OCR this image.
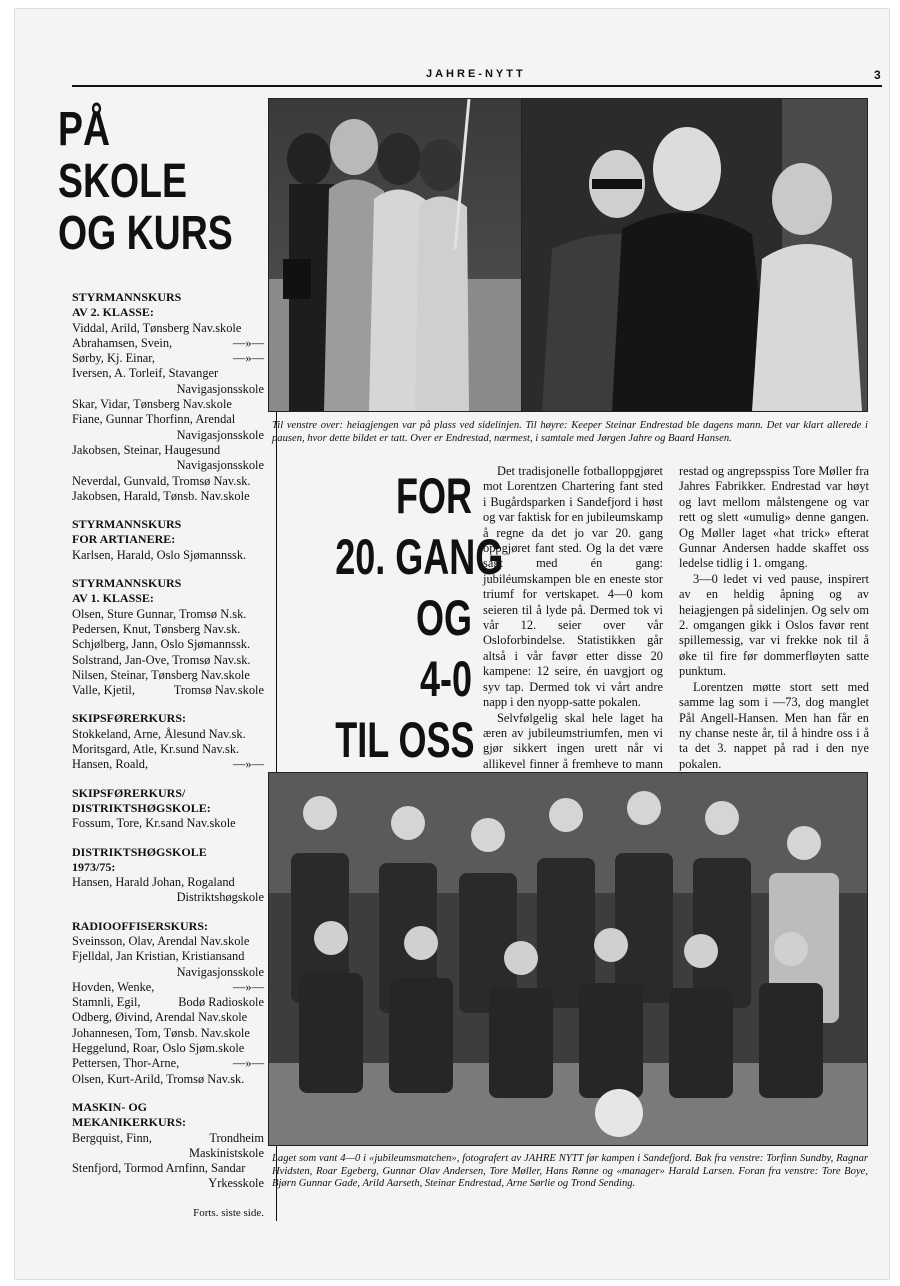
JAHRE-NYTT	3
PÅ
SKOLE
OG KURS
STYRMANNSKURS
AV 2. KLASSE:
Viddal, Arild, Tønsberg Nav.skole
Abrahamsen, Svein,	—»—
Sørby, Kj. Einar,	—»—
Iversen, A. Torleif, Stavanger
Navigasjonsskole
Skar, Vidar, Tønsberg Nav.skole
Fiane, Gunnar Thorfinn, Arendal
Navigasjonsskole
Jakobsen, Steinar, Haugesund
Navigasjonsskole
Neverdal, Gunvald, Tromsø Nav.sk.
Jakobsen, Harald, Tønsb. Nav.skole
STYRMANNSKURS
FOR ARTIANERE:
Karlsen, Harald, Oslo Sjømannssk.
STYRMANNSKURS
AV 1. KLASSE:
Olsen, Sture Gunnar, Tromsø N.sk.
Pedersen, Knut, Tønsberg Nav.sk.
Schjølberg, Jann, Oslo Sjømannssk.
Solstrand, Jan-Ove, Tromsø Nav.sk.
Nilsen, Steinar, Tønsberg Nav.skole
Valle, Kjetil,	Tromsø Nav.skole
SKIPSFØRERKURS:
Stokkeland, Arne, Ålesund Nav.sk.
Moritsgard, Atle, Kr.sund Nav.sk.
Hansen, Roald,	—»—
SKIPSFØRERKURS/
DISTRIKTSHØGSKOLE:
Fossum, Tore, Kr.sand Nav.skole
DISTRIKTSHØGSKOLE
1973/75:
Hansen, Harald Johan, Rogaland
Distriktshøgskole
RADIOOFFISERSKURS:
Sveinsson, Olav, Arendal Nav.skole
Fjelldal, Jan Kristian, Kristiansand
Navigasjonsskole
Hovden, Wenke,	—»—
Stamnli, Egil,	Bodø Radioskole
Odberg, Øivind, Arendal Nav.skole
Johannesen, Tom, Tønsb. Nav.skole
Heggelund, Roar, Oslo Sjøm.skole
Pettersen, Thor-Arne,	—»—
Olsen, Kurt-Arild, Tromsø Nav.sk.
MASKIN- OG
MEKANIKERKURS:
Bergquist, Finn,	Trondheim
Maskinistskole
Stenfjord, Tormod Arnfinn, Sandar
Yrkesskole
Forts. siste side.
Til venstre over: heiagjengen var på plass ved sidelinjen. Til høyre: Keeper Steinar Endrestad ble dagens mann. Det var klart allerede i pausen, hvor dette bildet er tatt. Over er Endrestad, nærmest, i samtale med Jørgen Jahre og Baard Hansen.
FOR
20. GANG
OG
4-0
TIL OSS

Det tradisjonelle fotballoppgjøret mot Lorentzen Chartering fant sted i Bugårdsparken i Sandefjord i høst og var faktisk for en jubileumskamp å regne da det jo var 20. gang oppgjøret fant sted. Og la det være sagt med én gang: jubiléumskampen ble en eneste stor triumf for vertskapet. 4—0 kom seieren til å lyde på. Dermed tok vi vår 12. seier over vår Osloforbindelse. Statistikken går altså i vår favør etter disse 20 kampene: 12 seire, én uavgjort og syv tap. Dermed tok vi vårt andre napp i den nyopp-satte pokalen.

Selvfølgelig skal hele laget ha æren av jubileumstriumfen, men vi gjør sikkert ingen urett når vi allikevel finner å fremheve to mann

restad og angrepsspiss Tore Møller fra Jahres Fabrikker. Endrestad var høyt og lavt mellom målstengene og var rett og slett «umulig» denne gangen. Og Møller laget «hat trick» efterat Gunnar Andersen hadde skaffet oss ledelse tidlig i 1. omgang.

3—0 ledet vi ved pause, inspirert av en heldig åpning og av heiagjengen på sidelinjen. Og selv om 2. omgangen gikk i Oslos favør rent spillemessig, var vi frekke nok til å øke til fire før dommerfløyten satte punktum.

Lorentzen møtte stort sett med samme lag som i —73, dog manglet Pål Angell-Hansen. Men han får en ny chanse neste år, til å hindre oss i å ta det 3. nappet på rad i den nye pokalen.

Laget som vant 4—0 i «jubileumsmatchen», fotografert av JAHRE NYTT før kampen i Sandefjord. Bak fra venstre: Torfinn Sundby, Ragnar Hvidsten, Roar Egeberg, Gunnar Olav Andersen, Tore Møller, Hans Rønne og «manager» Harald Larsen. Foran fra venstre: Tore Boye, Bjørn Gunnar Gade, Arild Aarseth, Steinar Endrestad, Arne Sørlie og Trond Sending.
